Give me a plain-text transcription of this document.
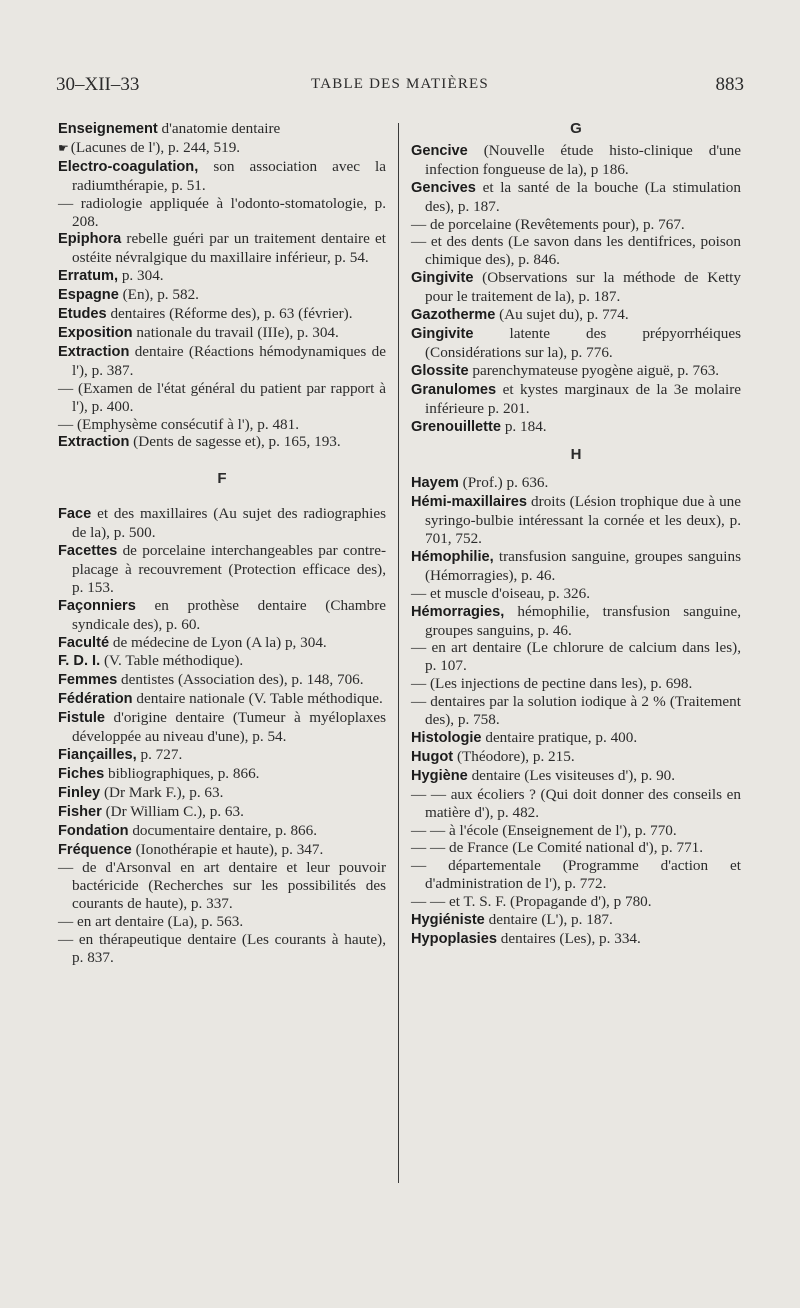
30–XII–33	TABLE DES MATIÈRES	883

Enseignement d'anatomie dentaire

☛ (Lacunes de l'), p. 244, 519.

Electro-coagulation, son association avec la radiumthérapie, p. 51.

— radiologie appliquée à l'odonto-stomatologie, p. 208.

Epiphora rebelle guéri par un traitement dentaire et ostéite névralgique du maxillaire inférieur, p. 54.

Erratum, p. 304.

Espagne (En), p. 582.

Etudes dentaires (Réforme des), p. 63 (février).

Exposition nationale du travail (IIIe), p. 304.

Extraction dentaire (Réactions hémodynamiques de l'), p. 387.

— (Examen de l'état général du patient par rapport à l'), p. 400.

— (Emphysème consécutif à l'), p. 481.

Extraction (Dents de sagesse et), p. 165, 193.

F

Face et des maxillaires (Au sujet des radiographies de la), p. 500.

Facettes de porcelaine interchangeables par contre-placage à recouvrement (Protection efficace des), p. 153.

Façonniers en prothèse dentaire (Chambre syndicale des), p. 60.

Faculté de médecine de Lyon (A la) p, 304.

F. D. I. (V. Table méthodique).

Femmes dentistes (Association des), p. 148, 706.

Fédération dentaire nationale (V. Table méthodique.

Fistule d'origine dentaire (Tumeur à myéloplaxes développée au niveau d'une), p. 54.

Fiançailles, p. 727.

Fiches bibliographiques, p. 866.

Finley (Dr Mark F.), p. 63.

Fisher (Dr William C.), p. 63.

Fondation documentaire dentaire, p. 866.

Fréquence (Ionothérapie et haute), p. 347.

— de d'Arsonval en art dentaire et leur pouvoir bactéricide (Recherches sur les possibilités des courants de haute), p. 337.

— en art dentaire (La), p. 563.

— en thérapeutique dentaire (Les courants à haute), p. 837.

G

Gencive (Nouvelle étude histo-clinique d'une infection fongueuse de la), p 186.

Gencives et la santé de la bouche (La stimulation des), p. 187.

— de porcelaine (Revêtements pour), p. 767.

— et des dents (Le savon dans les dentifrices, poison chimique des), p. 846.

Gingivite (Observations sur la méthode de Ketty pour le traitement de la), p. 187.

Gazotherme (Au sujet du), p. 774.

Gingivite latente des prépyorrhéiques (Considérations sur la), p. 776.

Glossite parenchymateuse pyogène aiguë, p. 763.

Granulomes et kystes marginaux de la 3e molaire inférieure p. 201.

Grenouillette p. 184.

H

Hayem (Prof.) p. 636.

Hémi-maxillaires droits (Lésion trophique due à une syringo-bulbie intéressant la cornée et les deux), p. 701, 752.

Hémophilie, transfusion sanguine, groupes sanguins (Hémorragies), p. 46.

— et muscle d'oiseau, p. 326.

Hémorragies, hémophilie, transfusion sanguine, groupes sanguins, p. 46.

— en art dentaire (Le chlorure de calcium dans les), p. 107.

— (Les injections de pectine dans les), p. 698.

— dentaires par la solution iodique à 2 % (Traitement des), p. 758.

Histologie dentaire pratique, p. 400.

Hugot (Théodore), p. 215.

Hygiène dentaire (Les visiteuses d'), p. 90.

— — aux écoliers ? (Qui doit donner des conseils en matière d'), p. 482.

— — à l'école (Enseignement de l'), p. 770.

— — de France (Le Comité national d'), p. 771.

— départementale (Programme d'action et d'administration de l'), p. 772.

— — et T. S. F. (Propagande d'), p 780.

Hygiéniste dentaire (L'), p. 187.

Hypoplasies dentaires (Les), p. 334.
